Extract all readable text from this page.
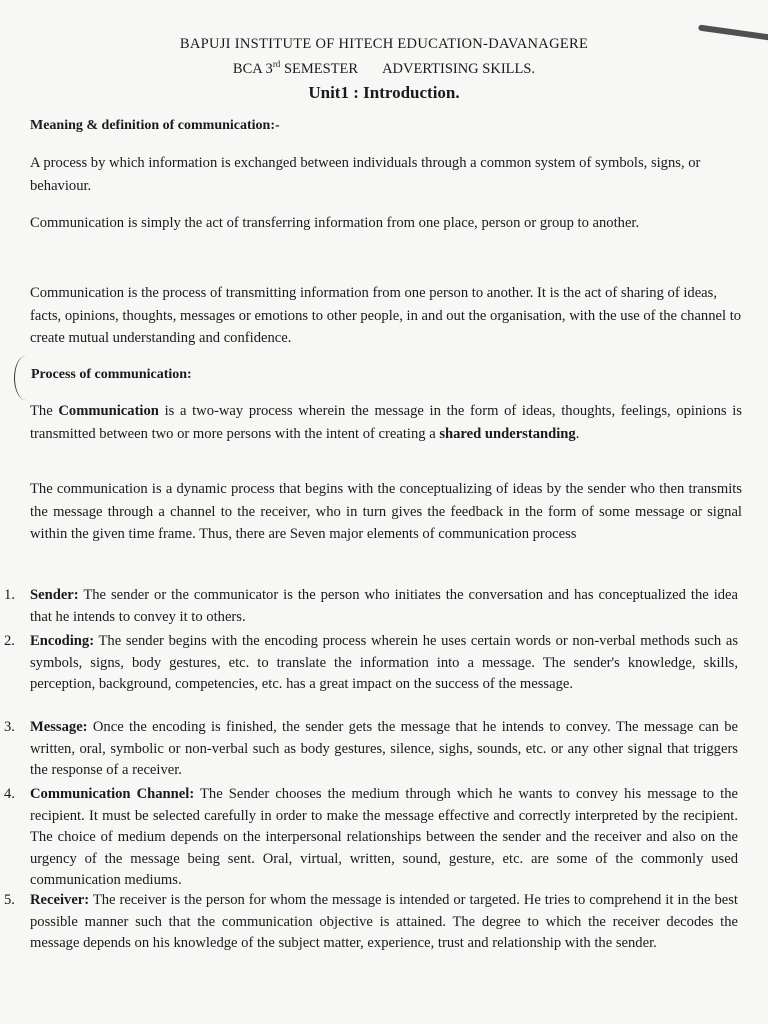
BAPUJI INSTITUTE OF HITECH EDUCATION-DAVANAGERE

BCA 3rd SEMESTER ADVERTISING SKILLS.

Unit1 : Introduction.

Meaning & definition of communication:-

A process by which information is exchanged between individuals through a common system of symbols, signs, or behaviour.

Communication is simply the act of transferring information from one place, person or group to another.

Communication is the process of transmitting information from one person to another. It is the act of sharing of ideas, facts, opinions, thoughts, messages or emotions to other people, in and out the organisation, with the use of the channel to create mutual understanding and confidence.

Process of communication:

The Communication is a two-way process wherein the message in the form of ideas, thoughts, feelings, opinions is transmitted between two or more persons with the intent of creating a shared understanding.

The communication is a dynamic process that begins with the conceptualizing of ideas by the sender who then transmits the message through a channel to the receiver, who in turn gives the feedback in the form of some message or signal within the given time frame. Thus, there are Seven major elements of communication process

1.	Sender: The sender or the communicator is the person who initiates the conversation and has conceptualized the idea that he intends to convey it to others.

2.	Encoding: The sender begins with the encoding process wherein he uses certain words or non-verbal methods such as symbols, signs, body gestures, etc. to translate the information into a message. The sender's knowledge, skills, perception, background, competencies, etc. has a great impact on the success of the message.

3.	Message: Once the encoding is finished, the sender gets the message that he intends to convey. The message can be written, oral, symbolic or non-verbal such as body gestures, silence, sighs, sounds, etc. or any other signal that triggers the response of a receiver.

4.	Communication Channel: The Sender chooses the medium through which he wants to convey his message to the recipient. It must be selected carefully in order to make the message effective and correctly interpreted by the recipient. The choice of medium depends on the interpersonal relationships between the sender and the receiver and also on the urgency of the message being sent. Oral, virtual, written, sound, gesture, etc. are some of the commonly used communication mediums.

5.	Receiver: The receiver is the person for whom the message is intended or targeted. He tries to comprehend it in the best possible manner such that the communication objective is attained. The degree to which the receiver decodes the message depends on his knowledge of the subject matter, experience, trust and relationship with the sender.
